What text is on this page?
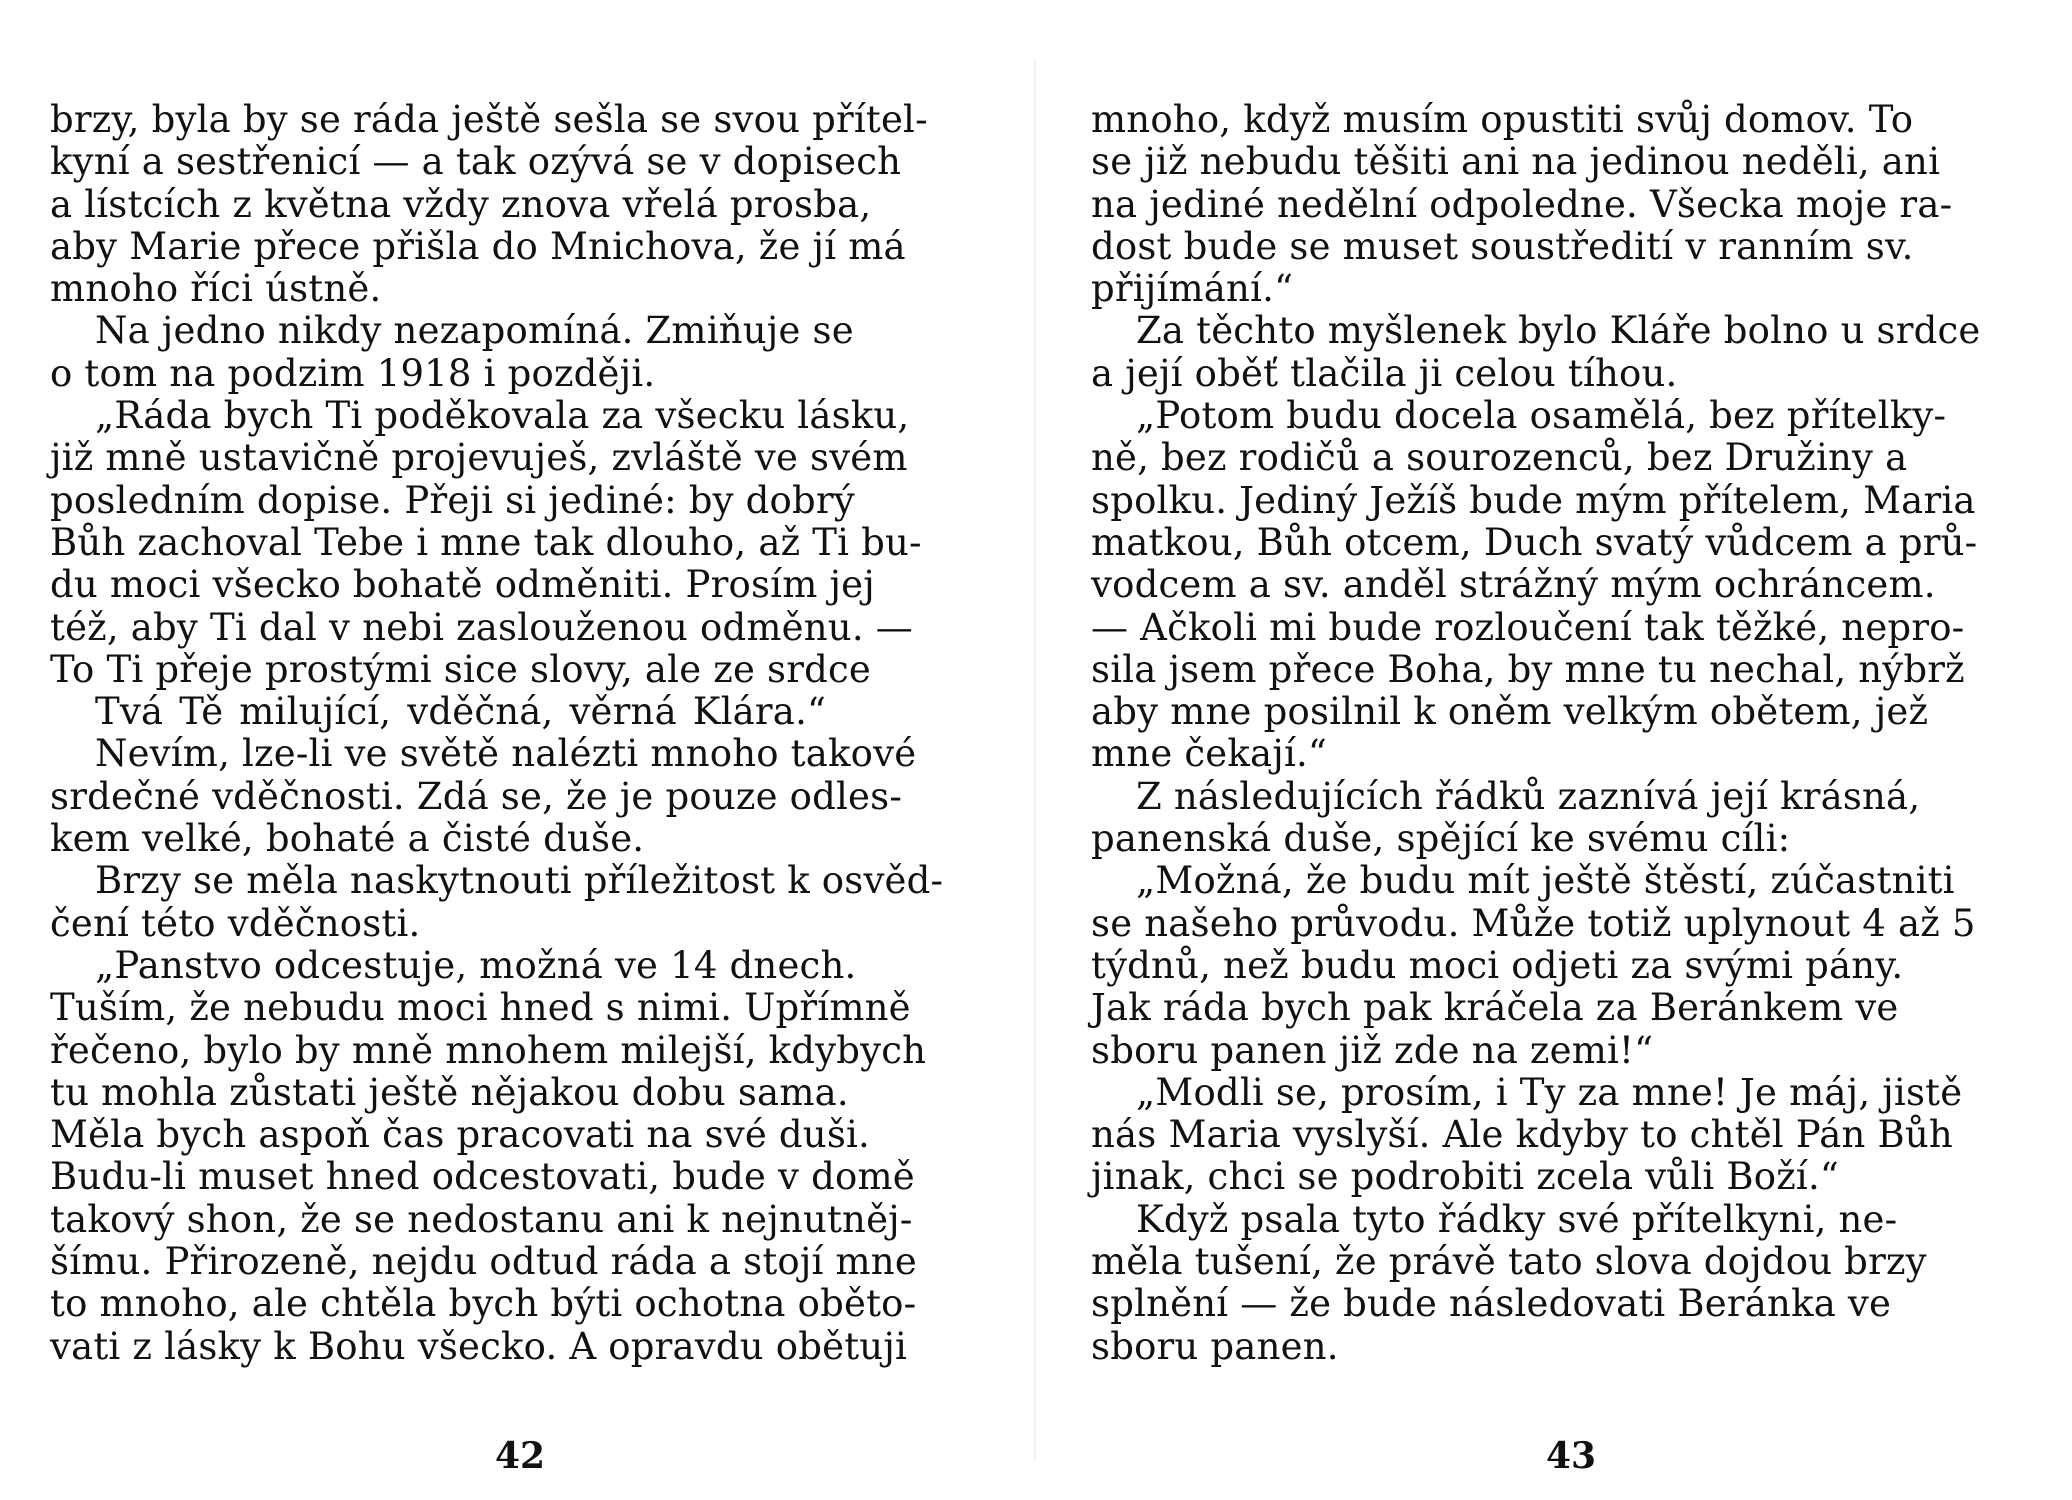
brzy, byla by se ráda ještě sešla se svou přítel-
kyní a sestřenicí — a tak ozývá se v dopisech
a lístcích z května vždy znova vřelá prosba,
aby Marie přece přišla do Mnichova, že jí má
mnoho říci ústně.
Na jedno nikdy nezapomíná. Zmiňuje se
o tom na podzim 1918 i později.
„Ráda bych Ti poděkovala za všecku lásku,
již mně ustavičně projevuješ, zvláště ve svém
posledním dopise. Přeji si jediné: by dobrý
Bůh zachoval Tebe i mne tak dlouho, až Ti bu-
du moci všecko bohatě odměniti. Prosím jej
též, aby Ti dal v nebi zaslouženou odměnu. —
To Ti přeje prostými sice slovy, ale ze srdce
Tvá Tě milující, vděčná, věrná Klára.“
Nevím, lze-li ve světě nalézti mnoho takové
srdečné vděčnosti. Zdá se, že je pouze odles-
kem velké, bohaté a čisté duše.
Brzy se měla naskytnouti příležitost k osvěd-
čení této vděčnosti.
„Panstvo odcestuje, možná ve 14 dnech.
Tuším, že nebudu moci hned s nimi. Upřímně
řečeno, bylo by mně mnohem milejší, kdybych
tu mohla zůstati ještě nějakou dobu sama.
Měla bych aspoň čas pracovati na své duši.
Budu-li muset hned odcestovati, bude v domě
takový shon, že se nedostanu ani k nejnutněj-
šímu. Přirozeně, nejdu odtud ráda a stojí mne
to mnoho, ale chtěla bych býti ochotna oběto-
vati z lásky k Bohu všecko. A opravdu obětuji
42
mnoho, když musím opustiti svůj domov. To
se již nebudu těšiti ani na jedinou neděli, ani
na jediné nedělní odpoledne. Všecka moje ra-
dost bude se muset soustředití v ranním sv.
přijímání.“
Za těchto myšlenek bylo Kláře bolno u srdce
a její oběť tlačila ji celou tíhou.
„Potom budu docela osamělá, bez přítelky-
ně, bez rodičů a sourozenců, bez Družiny a
spolku. Jediný Ježíš bude mým přítelem, Maria
matkou, Bůh otcem, Duch svatý vůdcem a prů-
vodcem a sv. anděl strážný mým ochráncem.
— Ačkoli mi bude rozloučení tak těžké, nepro-
sila jsem přece Boha, by mne tu nechal, nýbrž
aby mne posilnil k oněm velkým obětem, jež
mne čekají.“
Z následujících řádků zaznívá její krásná,
panenská duše, spějící ke svému cíli:
„Možná, že budu mít ještě štěstí, zúčastniti
se našeho průvodu. Může totiž uplynout 4 až 5
týdnů, než budu moci odjeti za svými pány.
Jak ráda bych pak kráčela za Beránkem ve
sboru panen již zde na zemi!“
„Modli se, prosím, i Ty za mne! Je máj, jistě
nás Maria vyslyší. Ale kdyby to chtěl Pán Bůh
jinak, chci se podrobiti zcela vůli Boží.“
Když psala tyto řádky své přítelkyni, ne-
měla tušení, že právě tato slova dojdou brzy
splnění — že bude následovati Beránka ve
sboru panen.
43
